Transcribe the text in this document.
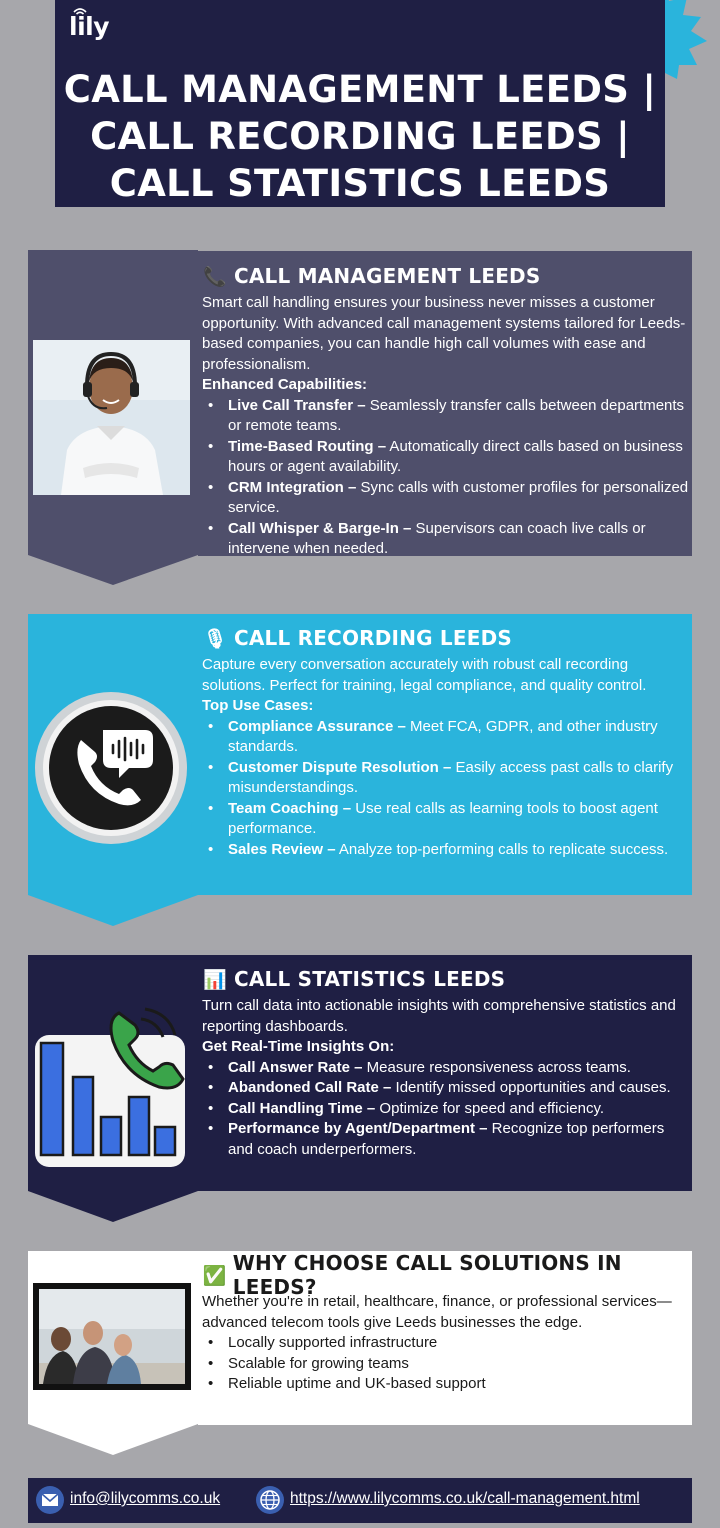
lily
CALL MANAGEMENT LEEDS |
CALL RECORDING LEEDS |
CALL STATISTICS LEEDS
📞 CALL MANAGEMENT LEEDS
Smart call handling ensures your business never misses a customer opportunity. With advanced call management systems tailored for Leeds-based companies, you can handle high call volumes with ease and professionalism.
Enhanced Capabilities:
• Live Call Transfer – Seamlessly transfer calls between departments or remote teams.
• Time-Based Routing – Automatically direct calls based on business hours or agent availability.
• CRM Integration – Sync calls with customer profiles for personalized service.
• Call Whisper & Barge-In – Supervisors can coach live calls or intervene when needed.
🎙 CALL RECORDING LEEDS
Capture every conversation accurately with robust call recording solutions. Perfect for training, legal compliance, and quality control.
Top Use Cases:
• Compliance Assurance – Meet FCA, GDPR, and other industry standards.
• Customer Dispute Resolution – Easily access past calls to clarify misunderstandings.
• Team Coaching – Use real calls as learning tools to boost agent performance.
• Sales Review – Analyze top-performing calls to replicate success.
📊 CALL STATISTICS LEEDS
Turn call data into actionable insights with comprehensive statistics and reporting dashboards.
Get Real-Time Insights On:
• Call Answer Rate – Measure responsiveness across teams.
• Abandoned Call Rate – Identify missed opportunities and causes.
• Call Handling Time – Optimize for speed and efficiency.
• Performance by Agent/Department – Recognize top performers and coach underperformers.
✅
WHY CHOOSE CALL SOLUTIONS IN LEEDS?
Whether you're in retail, healthcare, finance, or professional services—advanced telecom tools give Leeds businesses the edge.
• Locally supported infrastructure
• Scalable for growing teams
• Reliable uptime and UK-based support
info@lilycomms.co.uk	https://www.lilycomms.co.uk/call-management.html
